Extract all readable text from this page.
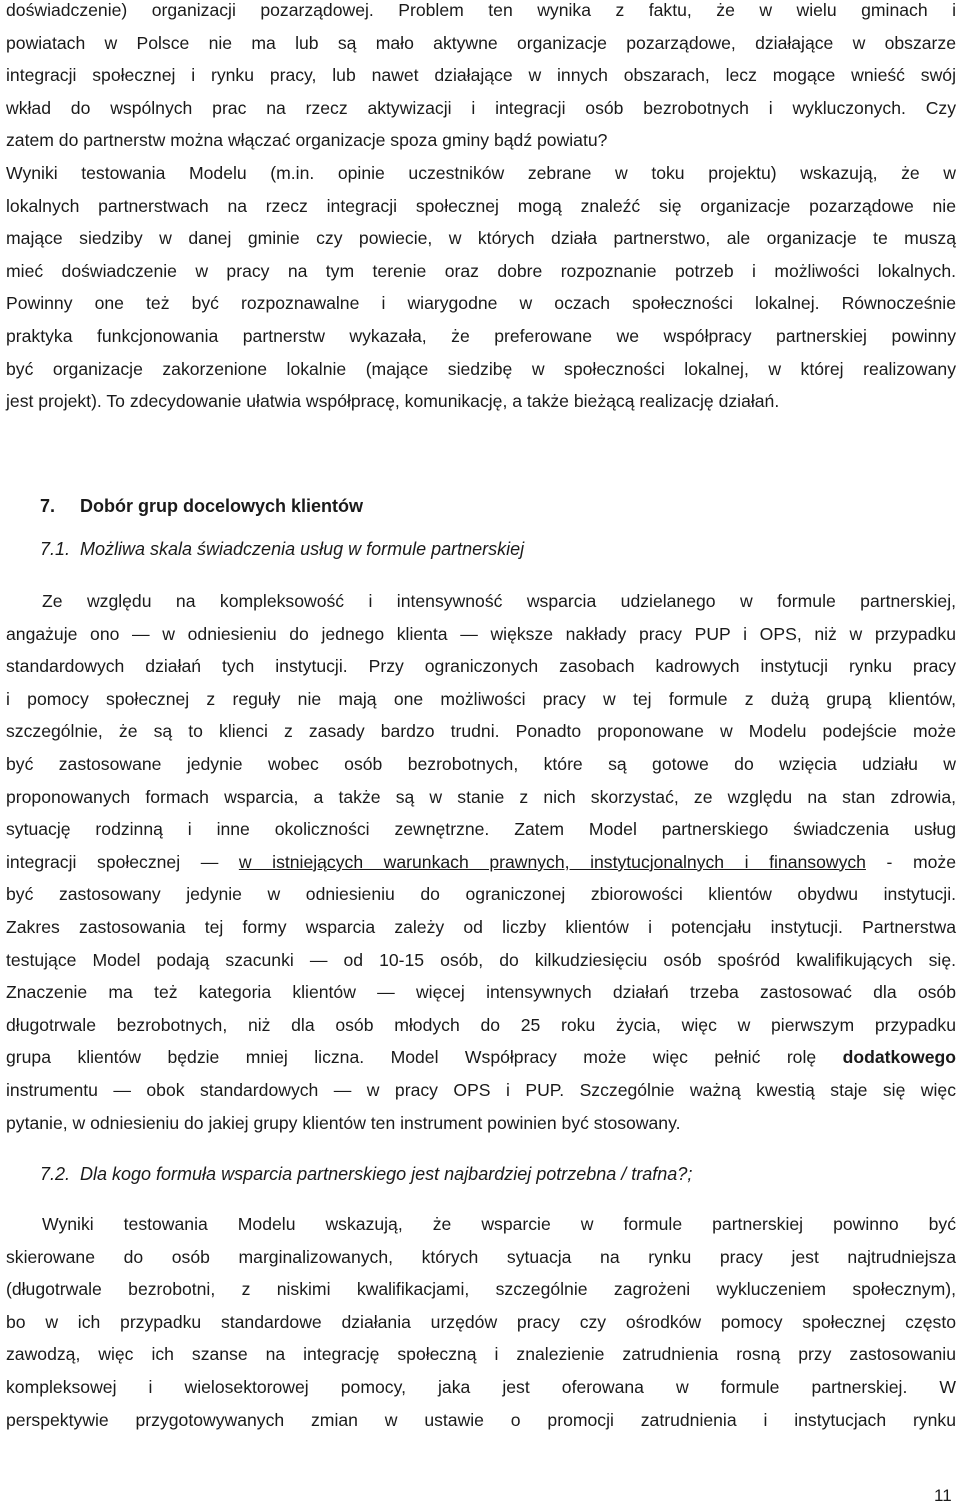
doświadczenie) organizacji pozarządowej. Problem ten wynika z faktu, że w wielu gminach i
powiatach w Polsce nie ma lub są mało aktywne organizacje pozarządowe, działające w obszarze
integracji społecznej i rynku pracy, lub nawet działające w innych obszarach, lecz mogące wnieść swój
wkład do wspólnych prac na rzecz aktywizacji i integracji osób bezrobotnych i wykluczonych. Czy
zatem do partnerstw można włączać organizacje spoza gminy bądź powiatu?
Wyniki testowania Modelu (m.in. opinie uczestników zebrane w toku projektu) wskazują, że w
lokalnych partnerstwach na rzecz integracji społecznej mogą znaleźć się organizacje pozarządowe nie
mające siedziby w danej gminie czy powiecie, w których działa partnerstwo, ale organizacje te muszą
mieć doświadczenie w pracy na tym terenie oraz dobre rozpoznanie potrzeb i możliwości lokalnych.
Powinny one też być rozpoznawalne i wiarygodne w oczach społeczności lokalnej. Równocześnie
praktyka funkcjonowania partnerstw wykazała, że preferowane we współpracy partnerskiej powinny
być organizacje zakorzenione lokalnie (mające siedzibę w społeczności lokalnej, w której realizowany
jest projekt). To zdecydowanie ułatwia współpracę, komunikację, a także bieżącą realizację działań.
7. Dobór grup docelowych klientów
7.1. Możliwa skala świadczenia usług w formule partnerskiej
Ze względu na kompleksowość i intensywność wsparcia udzielanego w formule partnerskiej,
angażuje ono — w odniesieniu do jednego klienta — większe nakłady pracy PUP i OPS, niż w przypadku
standardowych działań tych instytucji. Przy ograniczonych zasobach kadrowych instytucji rynku pracy
i pomocy społecznej z reguły nie mają one możliwości pracy w tej formule z dużą grupą klientów,
szczególnie, że są to klienci z zasady bardzo trudni. Ponadto proponowane w Modelu podejście może
być zastosowane jedynie wobec osób bezrobotnych, które są gotowe do wzięcia udziału w
proponowanych formach wsparcia, a także są w stanie z nich skorzystać, ze względu na stan zdrowia,
sytuację rodzinną i inne okoliczności zewnętrzne. Zatem Model partnerskiego świadczenia usług
integracji społecznej — w istniejących warunkach prawnych, instytucjonalnych i finansowych - może
być zastosowany jedynie w odniesieniu do ograniczonej zbiorowości klientów obydwu instytucji.
Zakres zastosowania tej formy wsparcia zależy od liczby klientów i potencjału instytucji. Partnerstwa
testujące Model podają szacunki — od 10-15 osób, do kilkudziesięciu osób spośród kwalifikujących się.
Znaczenie ma też kategoria klientów — więcej intensywnych działań trzeba zastosować dla osób
długotrwale bezrobotnych, niż dla osób młodych do 25 roku życia, więc w pierwszym przypadku
grupa klientów będzie mniej liczna. Model Współpracy może więc pełnić rolę dodatkowego
instrumentu — obok standardowych — w pracy OPS i PUP. Szczególnie ważną kwestią staje się więc
pytanie, w odniesieniu do jakiej grupy klientów ten instrument powinien być stosowany.
7.2. Dla kogo formuła wsparcia partnerskiego jest najbardziej potrzebna / trafna?;
Wyniki testowania Modelu wskazują, że wsparcie w formule partnerskiej powinno być
skierowane do osób marginalizowanych, których sytuacja na rynku pracy jest najtrudniejsza
(długotrwale bezrobotni, z niskimi kwalifikacjami, szczególnie zagrożeni wykluczeniem społecznym),
bo w ich przypadku standardowe działania urzędów pracy czy ośrodków pomocy społecznej często
zawodzą, więc ich szanse na integrację społeczną i znalezienie zatrudnienia rosną przy zastosowaniu
kompleksowej i wielosektorowej pomocy, jaka jest oferowana w formule partnerskiej. W
perspektywie przygotowywanych zmian w ustawie o promocji zatrudnienia i instytucjach rynku
11
